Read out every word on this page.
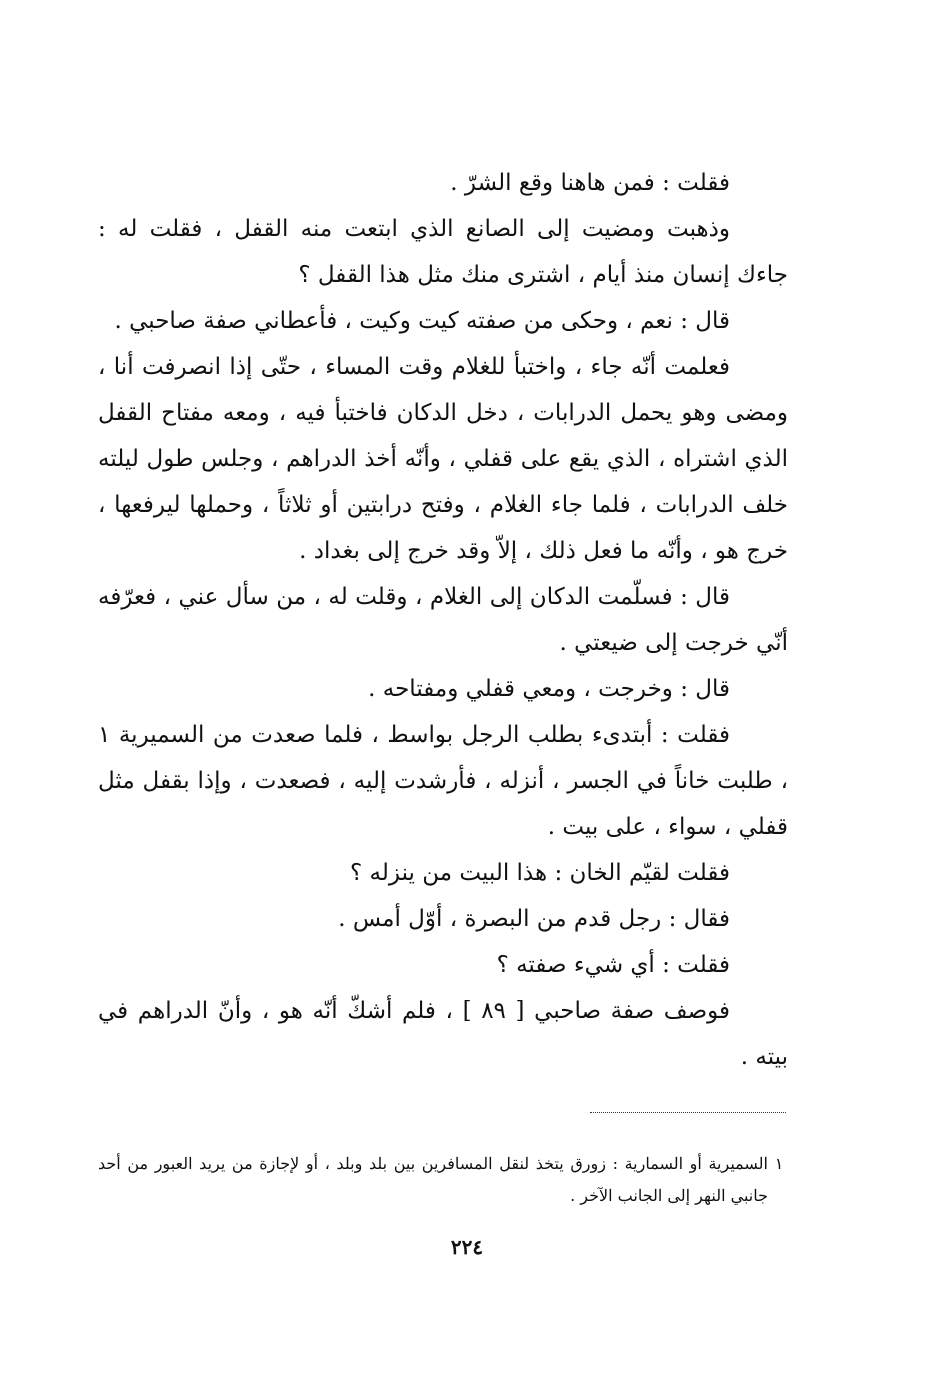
فقلت : فمن هاهنا وقع الشرّ .

وذهبت ومضيت إلى الصانع الذي ابتعت منه القفل ، فقلت له : جاءك إنسان منذ أيام ، اشترى منك مثل هذا القفل ؟

قال : نعم ، وحكى من صفته كيت وكيت ، فأعطاني صفة صاحبي .

فعلمت أنّه جاء ، واختبأ للغلام وقت المساء ، حتّى إذا انصرفت أنا ، ومضى وهو يحمل الدرابات ، دخل الدكان فاختبأ فيه ، ومعه مفتاح القفل الذي اشتراه ، الذي يقع على قفلي ، وأنّه أخذ الدراهم ، وجلس طول ليلته خلف الدرابات ، فلما جاء الغلام ، وفتح درابتين أو ثلاثاً ، وحملها ليرفعها ، خرج هو ، وأنّه ما فعل ذلك ، إلاّ وقد خرج إلى بغداد .

قال : فسلّمت الدكان إلى الغلام ، وقلت له ، من سأل عني ، فعرّفه أنّي خرجت إلى ضيعتي .

قال : وخرجت ، ومعي قفلي ومفتاحه .

فقلت : أبتدىء بطلب الرجل بواسط ، فلما صعدت من السميرية ١ ، طلبت خاناً في الجسر ، أنزله ، فأرشدت إليه ، فصعدت ، وإذا بقفل مثل قفلي ، سواء ، على بيت .

فقلت لقيّم الخان : هذا البيت من ينزله ؟

فقال : رجل قدم من البصرة ، أوّل أمس .

فقلت : أي شيء صفته ؟

فوصف صفة صاحبي [ ٨٩ ] ، فلم أشكّ أنّه هو ، وأنّ الدراهم في بيته .

١
السميرية أو السمارية : زورق يتخذ لنقل المسافرين بين بلد وبلد ، أو لإجازة من يريد العبور من أحد جانبي النهر إلى الجانب الآخر .
٢٢٤
